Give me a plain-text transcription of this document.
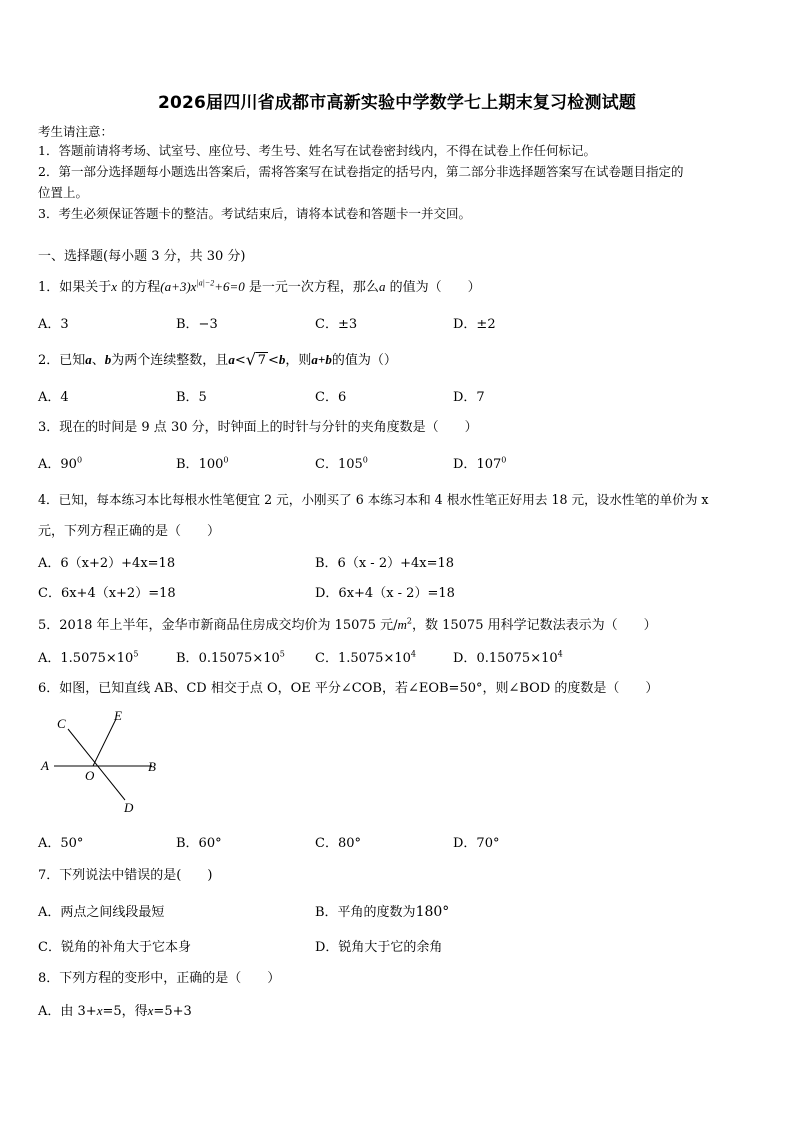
2026届四川省成都市高新实验中学数学七上期末复习检测试题
考生请注意：
1．答题前请将考场、试室号、座位号、考生号、姓名写在试卷密封线内，不得在试卷上作任何标记。
2．第一部分选择题每小题选出答案后，需将答案写在试卷指定的括号内，第二部分非选择题答案写在试卷题目指定的
位置上。
3．考生必须保证答题卡的整洁。考试结束后，请将本试卷和答题卡一并交回。
一、选择题(每小题 3 分，共 30 分)
1．如果关于x 的方程$(a+3)x^{|a|-2}+6=0$ 是一元一次方程，那么a 的值为（　　）
A．3	B．−3	C．±3	D．±2
2．已知a、b为两个连续整数，且a< √ 7 <b，则a+b的值为（）
A．4	B．5	C．6	D．7
3．现在的时间是 9 点 30 分，时钟面上的时针与分针的夹角度数是（　　）
A．$90^0$	B．$100^0$	C．$105^0$	D．$107^0$
4．已知，每本练习本比每根水性笔便宜 2 元，小刚买了 6 本练习本和 4 根水性笔正好用去 18 元，设水性笔的单价为 x
元，下列方程正确的是（　　）
A．6（x+2）+4x=18	B．6（x - 2）+4x=18
C．6x+4（x+2）=18	D．6x+4（x - 2）=18
5．2018 年上半年，金华市新商品住房成交均价为 15075 元$/m^2$，数 15075 用科学记数法表示为（　　）
A．$1.5075\times 10^5$	B．$0.15075\times 10^5$ C．$1.5075\times 10^4$	D．$0.15075\times 10^4$
6．如图，已知直线 AB、CD 相交于点 O，OE 平分∠COB，若∠EOB=50°，则∠BOD 的度数是（　　）
C
E
A
O
B
D
A．50°	B．60°	C．80°	D．70°
7．下列说法中错误的是(　　)
A．两点之间线段最短	B．平角的度数为180°
C．锐角的补角大于它本身	D．锐角大于它的余角
8．下列方程的变形中，正确的是（　　）
A．由 3+x=5，得x=5+3
